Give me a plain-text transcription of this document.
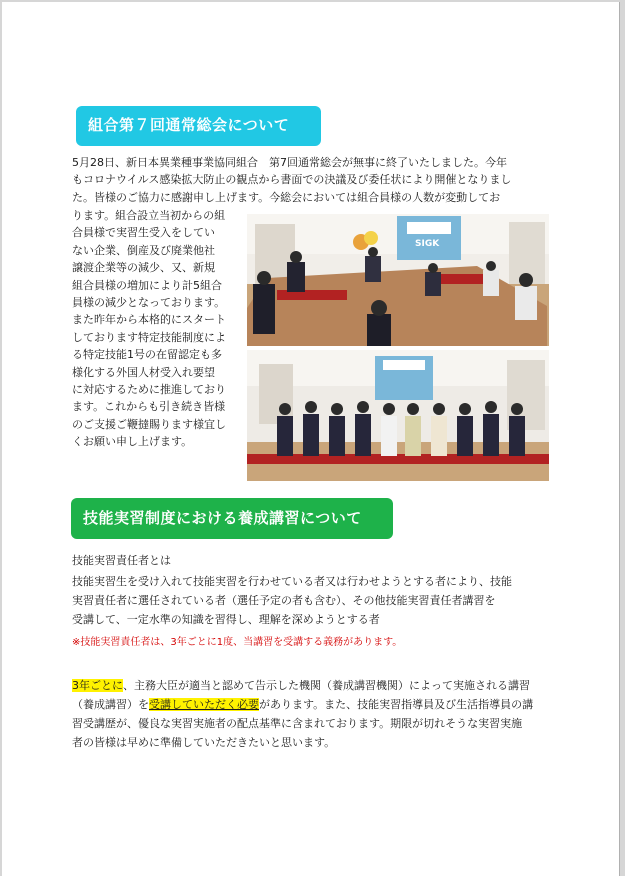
組合第７回通常総会について

5月28日、新日本異業種事業協同組合　第7回通常総会が無事に終了いたしました。今年

もコロナウイルス感染拡大防止の観点から書面での決議及び委任状により開催となりまし

た。皆様のご協力に感謝申し上げます。今総会においては組合員様の人数が変動してお

ります。組合設立当初からの組

合員様で実習生受入をしてい

ない企業、倒産及び廃業他社

譲渡企業等の減少、又、新規

組合員様の増加により計5組合

員様の減少となっております。

また昨年から本格的にスタート

しております特定技能制度によ

る特定技能1号の在留認定も多

様化する外国人材受入れ要望

に対応するために推進しており

ます。これからも引き続き皆様

のご支援ご鞭撻賜ります様宜し

くお願い申し上げます。

SIGK
技能実習制度における養成講習について

技能実習責任者とは

技能実習生を受け入れて技能実習を行わせている者又は行わせようとする者により、技能

実習責任者に選任されている者（選任予定の者も含む）、その他技能実習責任者講習を

受講して、一定水準の知識を習得し、理解を深めようとする者

※技能実習責任者は、3年ごとに1度、当講習を受講する義務があります。

3年ごとに、主務大臣が適当と認めて告示した機関（養成講習機関）によって実施される講習

（養成講習）を受講していただく必要があります。また、技能実習指導員及び生活指導員の講

習受講歴が、優良な実習実施者の配点基準に含まれております。期限が切れそうな実習実施

者の皆様は早めに準備していただきたいと思います。
